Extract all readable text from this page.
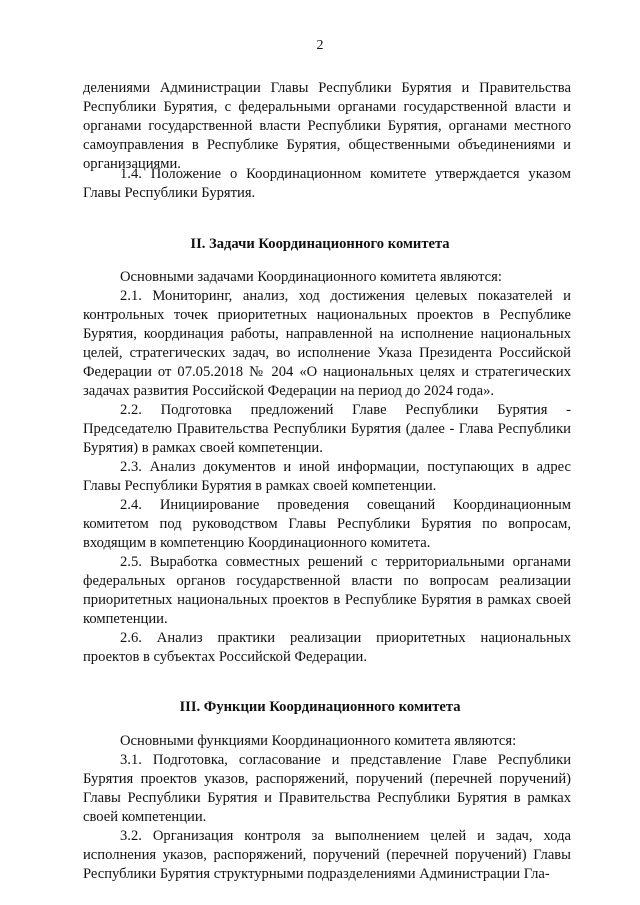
2

делениями Администрации Главы Республики Бурятия и Правительства Республики Бурятия, с федеральными органами государственной власти и органами государственной власти Республики Бурятия, органами местного самоуправления в Республике Бурятия, общественными объединениями и организациями.

1.4. Положение о Координационном комитете утверждается указом Главы Республики Бурятия.

II. Задачи Координационного комитета

Основными задачами Координационного комитета являются:

2.1. Мониторинг, анализ, ход достижения целевых показателей и контрольных точек приоритетных национальных проектов в Республике Бурятия, координация работы, направленной на исполнение национальных целей, стратегических задач, во исполнение Указа Президента Российской Федерации от 07.05.2018 № 204 «О национальных целях и стратегических задачах развития Российской Федерации на период до 2024 года».

2.2. Подготовка предложений Главе Республики Бурятия - Председателю Правительства Республики Бурятия (далее - Глава Республики Бурятия) в рамках своей компетенции.

2.3. Анализ документов и иной информации, поступающих в адрес Главы Республики Бурятия в рамках своей компетенции.

2.4. Инициирование проведения совещаний Координационным комитетом под руководством Главы Республики Бурятия по вопросам, входящим в компетенцию Координационного комитета.

2.5. Выработка совместных решений с территориальными органами федеральных органов государственной власти по вопросам реализации приоритетных национальных проектов в Республике Бурятия в рамках своей компетенции.

2.6. Анализ практики реализации приоритетных национальных проектов в субъектах Российской Федерации.

III. Функции Координационного комитета

Основными функциями Координационного комитета являются:

3.1. Подготовка, согласование и представление Главе Республики Бурятия проектов указов, распоряжений, поручений (перечней поручений) Главы Республики Бурятия и Правительства Республики Бурятия в рамках своей компетенции.

3.2. Организация контроля за выполнением целей и задач, хода исполнения указов, распоряжений, поручений (перечней поручений) Главы Республики Бурятия структурными подразделениями Администрации Гла-
